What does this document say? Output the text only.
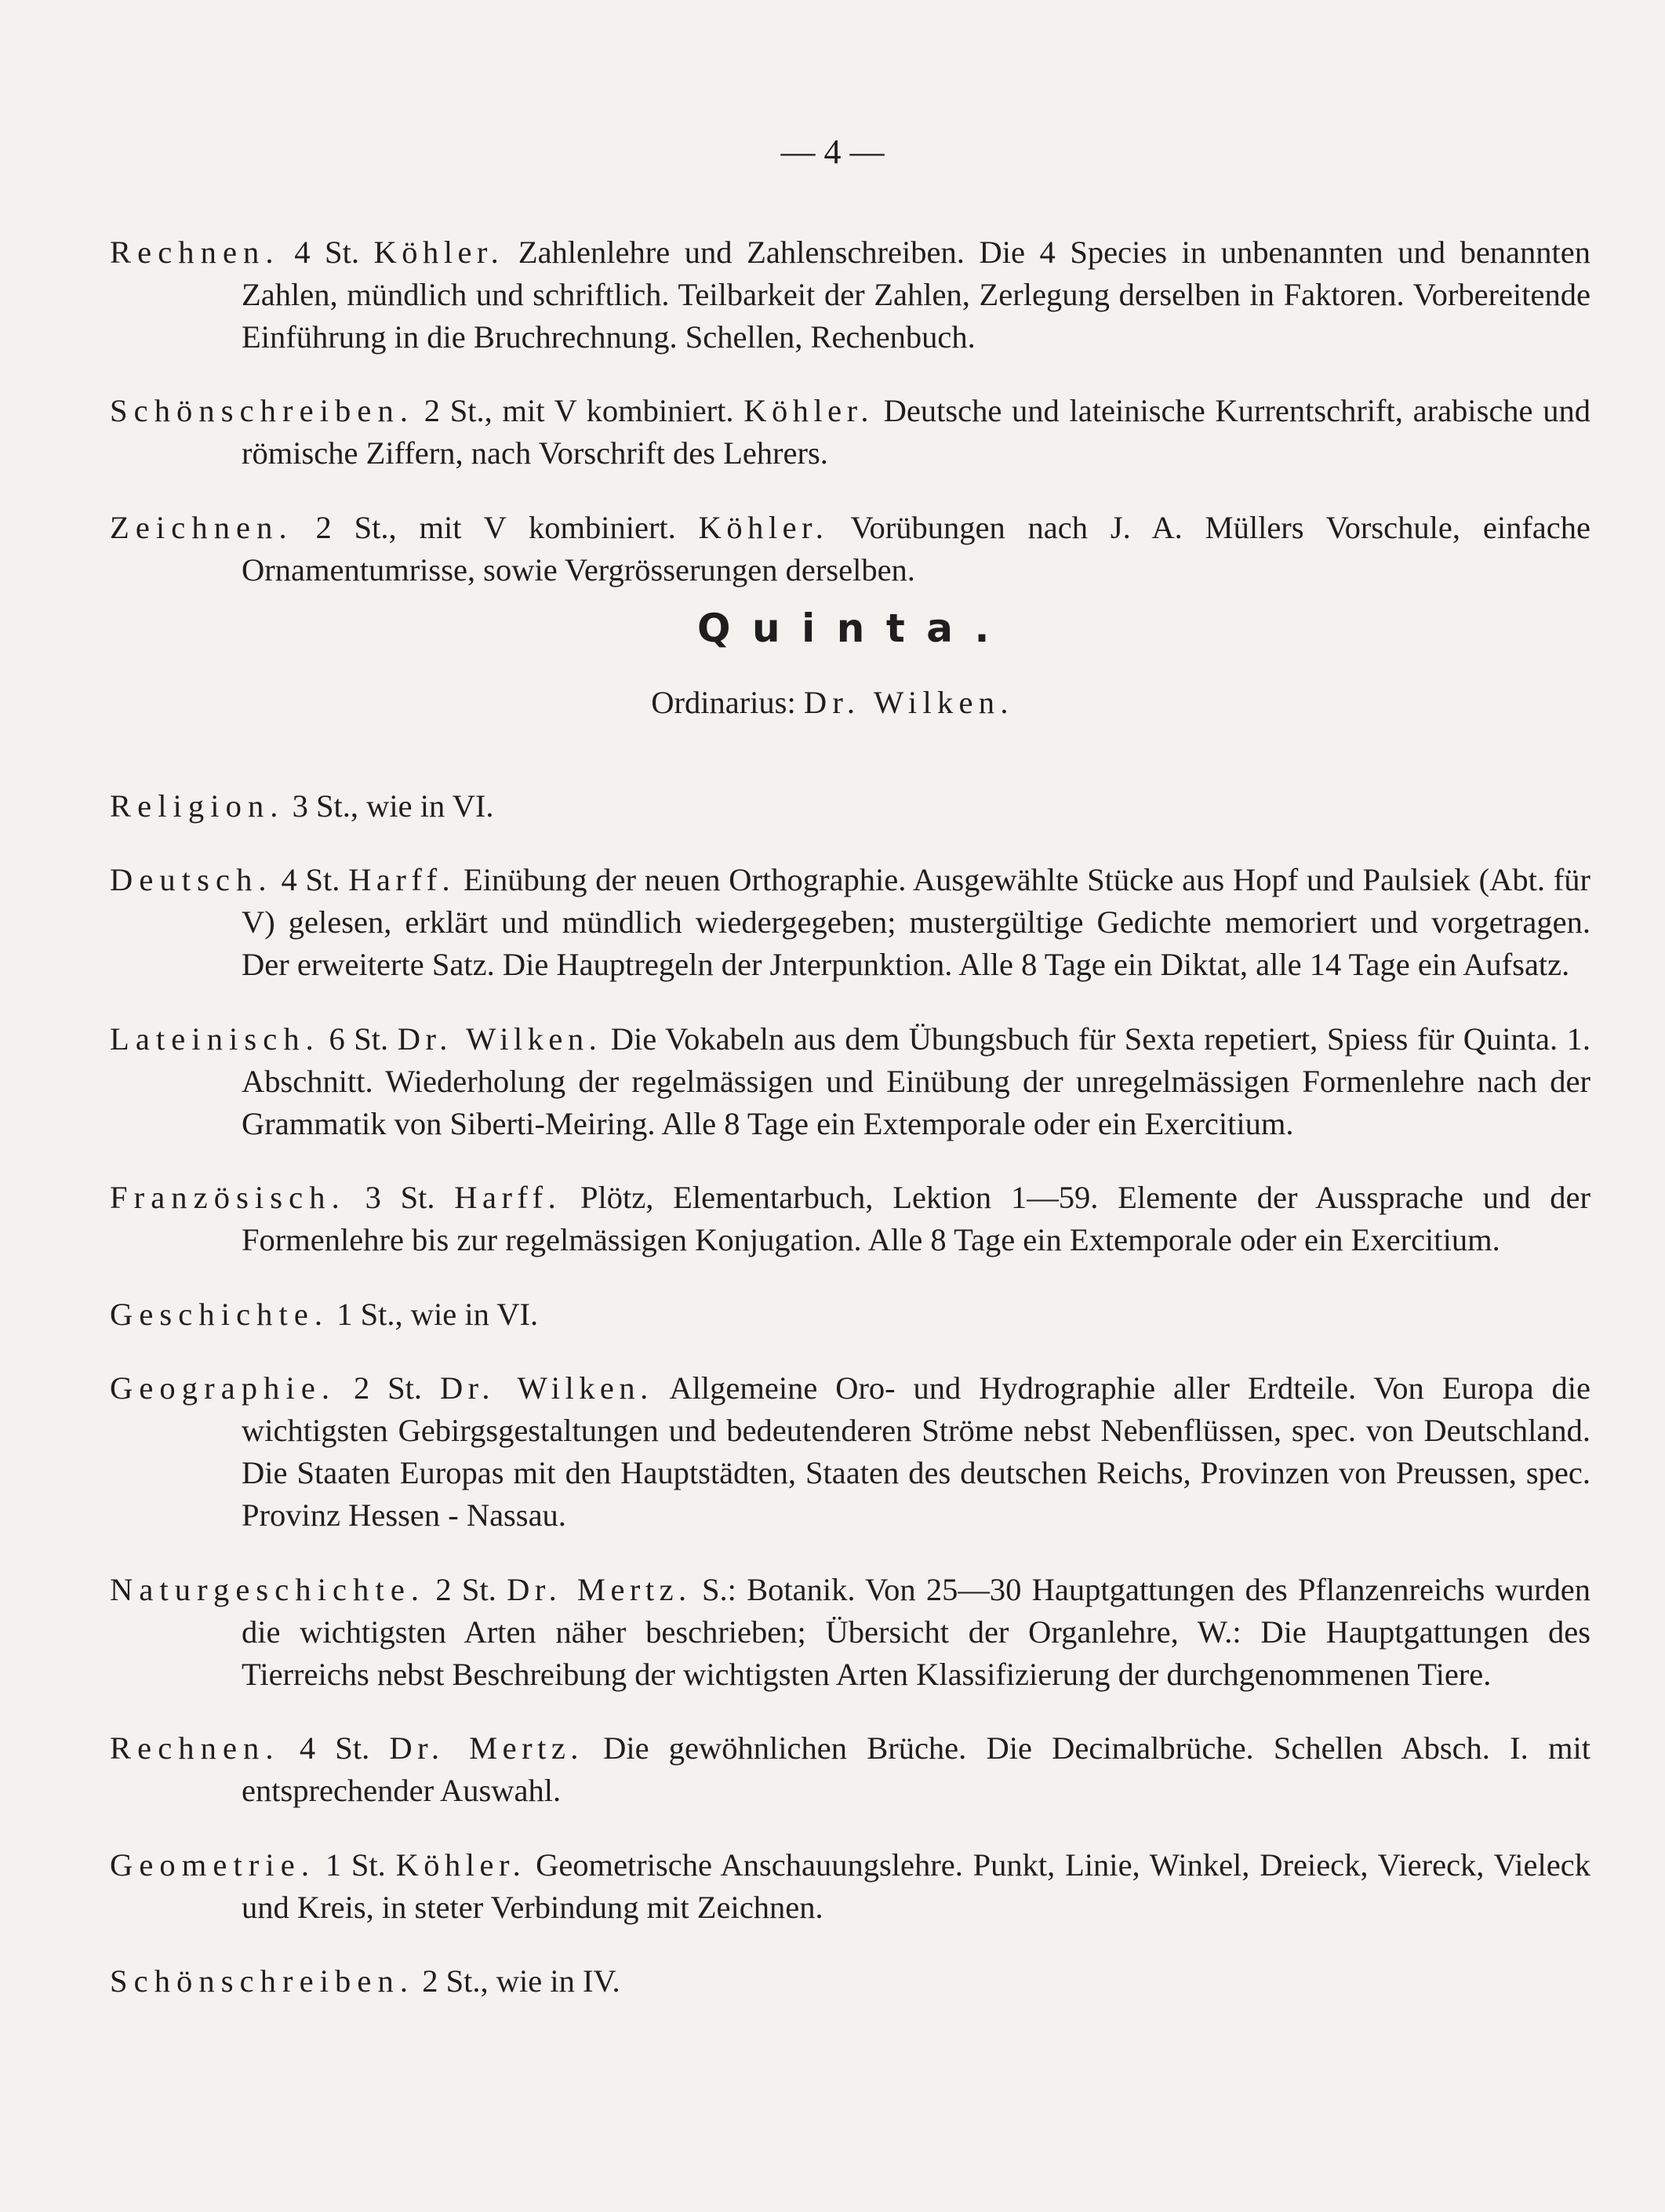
— 4 —

Rechnen. 4 St. Köhler. Zahlenlehre und Zahlenschreiben. Die 4 Species in unbenannten und benannten Zahlen, mündlich und schriftlich. Teilbarkeit der Zahlen, Zerlegung derselben in Faktoren. Vorbereitende Einführung in die Bruchrechnung. Schellen, Rechenbuch.

Schönschreiben. 2 St., mit V kombiniert. Köhler. Deutsche und lateinische Kurrentschrift, arabische und römische Ziffern, nach Vorschrift des Lehrers.

Zeichnen. 2 St., mit V kombiniert. Köhler. Vorübungen nach J. A. Müllers Vorschule, einfache Ornamentumrisse, sowie Vergrösserungen derselben.

Quinta.
Ordinarius: Dr. Wilken.

Religion. 3 St., wie in VI.

Deutsch. 4 St. Harff. Einübung der neuen Orthographie. Ausgewählte Stücke aus Hopf und Paulsiek (Abt. für V) gelesen, erklärt und mündlich wiedergegeben; mustergültige Gedichte memoriert und vorgetragen. Der erweiterte Satz. Die Hauptregeln der Jnterpunktion. Alle 8 Tage ein Diktat, alle 14 Tage ein Aufsatz.

Lateinisch. 6 St. Dr. Wilken. Die Vokabeln aus dem Übungsbuch für Sexta repetiert, Spiess für Quinta. 1. Abschnitt. Wiederholung der regelmässigen und Einübung der unregelmässigen Formenlehre nach der Grammatik von Siberti-Meiring. Alle 8 Tage ein Extemporale oder ein Exercitium.

Französisch. 3 St. Harff. Plötz, Elementarbuch, Lektion 1—59. Elemente der Aussprache und der Formenlehre bis zur regelmässigen Konjugation. Alle 8 Tage ein Extemporale oder ein Exercitium.

Geschichte. 1 St., wie in VI.

Geographie. 2 St. Dr. Wilken. Allgemeine Oro- und Hydrographie aller Erdteile. Von Europa die wichtigsten Gebirgsgestaltungen und bedeutenderen Ströme nebst Nebenflüssen, spec. von Deutschland. Die Staaten Europas mit den Hauptstädten, Staaten des deutschen Reichs, Provinzen von Preussen, spec. Provinz Hessen - Nassau.

Naturgeschichte. 2 St. Dr. Mertz. S.: Botanik. Von 25—30 Hauptgattungen des Pflanzenreichs wurden die wichtigsten Arten näher beschrieben; Übersicht der Organlehre, W.: Die Hauptgattungen des Tierreichs nebst Beschreibung der wichtigsten Arten Klassifizierung der durchgenommenen Tiere.

Rechnen. 4 St. Dr. Mertz. Die gewöhnlichen Brüche. Die Decimalbrüche. Schellen Absch. I. mit entsprechender Auswahl.

Geometrie. 1 St. Köhler. Geometrische Anschauungslehre. Punkt, Linie, Winkel, Dreieck, Viereck, Vieleck und Kreis, in steter Verbindung mit Zeichnen.

Schönschreiben. 2 St., wie in IV.
